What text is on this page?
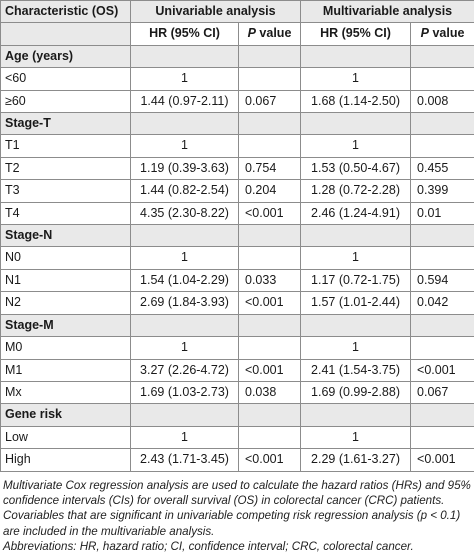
Characteristic (OS)	Univariable analysis		Multivariable analysis	
	HR (95% CI)	P value	HR (95% CI)	P value
Age (years)				
<60	1		1	
≥60	1.44 (0.97-2.11)	0.067	1.68 (1.14-2.50)	0.008
Stage-T				
T1	1		1	
T2	1.19 (0.39-3.63)	0.754	1.53 (0.50-4.67)	0.455
T3	1.44 (0.82-2.54)	0.204	1.28 (0.72-2.28)	0.399
T4	4.35 (2.30-8.22)	<0.001	2.46 (1.24-4.91)	0.01
Stage-N				
N0	1		1	
N1	1.54 (1.04-2.29)	0.033	1.17 (0.72-1.75)	0.594
N2	2.69 (1.84-3.93)	<0.001	1.57 (1.01-2.44)	0.042
Stage-M				
M0	1		1	
M1	3.27 (2.26-4.72)	<0.001	2.41 (1.54-3.75)	<0.001
Mx	1.69 (1.03-2.73)	0.038	1.69 (0.99-2.88)	0.067
Gene risk				
Low	1		1	
High	2.43 (1.71-3.45)	<0.001	2.29 (1.61-3.27)	<0.001

Multivariate Cox regression analysis are used to calculate the hazard ratios (HRs) and 95% confidence intervals (CIs) for overall survival (OS) in colorectal cancer (CRC) patients. Covariables that are significant in univariable competing risk regression analysis (p < 0.1) are included in the multivariable analysis.

Abbreviations: HR, hazard ratio; CI, confidence interval; CRC, colorectal cancer.
